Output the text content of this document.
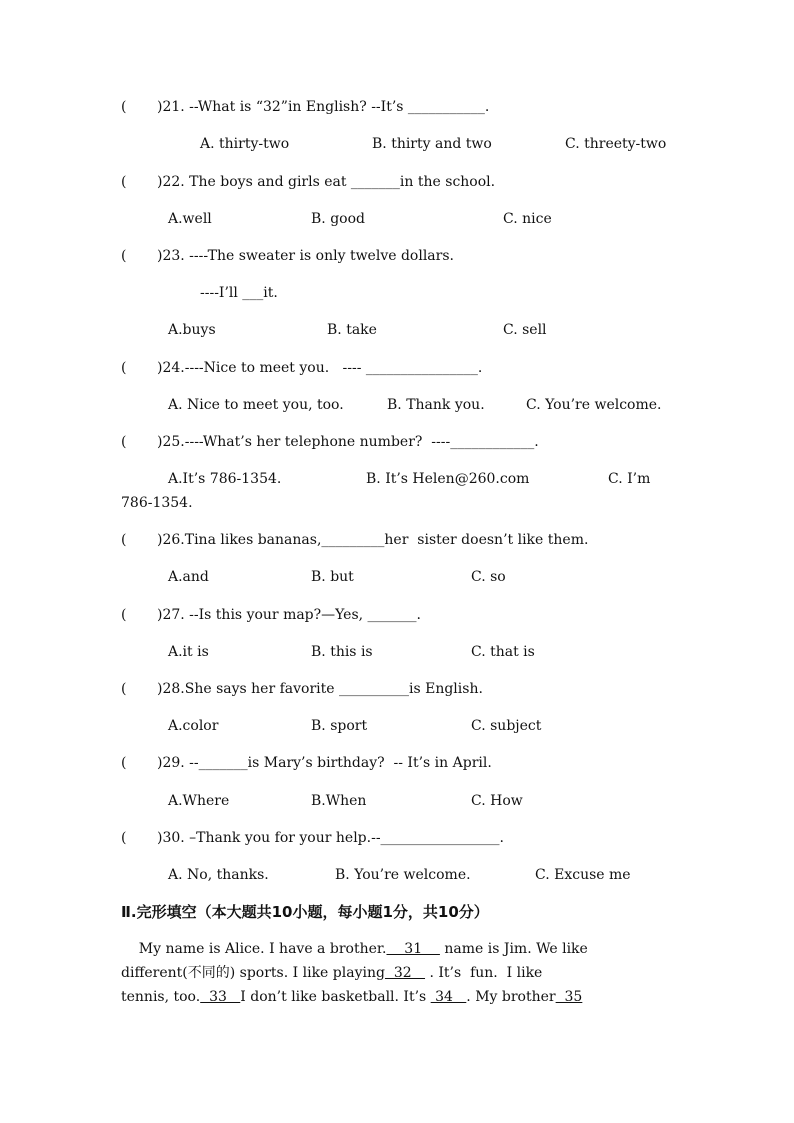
( )21. --What is “32”in English? --It’s ___________.
A. thirty-two	B. thirty and two	C. threety-two
( )22. The boys and girls eat _______in the school.
A.well	B. good	C. nice
( )23. ----The sweater is only twelve dollars.
----I’ll ___it.
A.buys	B. take	C. sell
( )24.----Nice to meet you.   ---- ________________.
A. Nice to meet you, too.	B. Thank you.	C. You’re welcome.
( )25.----What’s her telephone number?  ----____________.
A.It’s 786-1354.	B. It’s Helen@260.com	C. I’m
786-1354.
( )26.Tina likes bananas,_________her  sister doesn’t like them.
A.and	B. but	C. so
( )27. --Is this your map?—Yes, _______.
A.it is	B. this is	C. that is
( )28.She says her favorite __________is English.
A.color	B. sport	C. subject
( )29. --_______is Mary’s birthday?  -- It’s in April.
A.Where	B.When	C. How
( )30. –Thank you for your help.--_________________.
A. No, thanks.	B. You’re welcome.	C. Excuse me
Ⅱ.完形填空（本大题共10小题，每小题1分，共10分）
My name is Alice. I have a brother.    31     name is Jim. We like
different(不同的) sports. I like playing  32    . It’s  fun.  I like
tennis, too.  33   I don’t like basketball. It’s  34   . My brother  35
